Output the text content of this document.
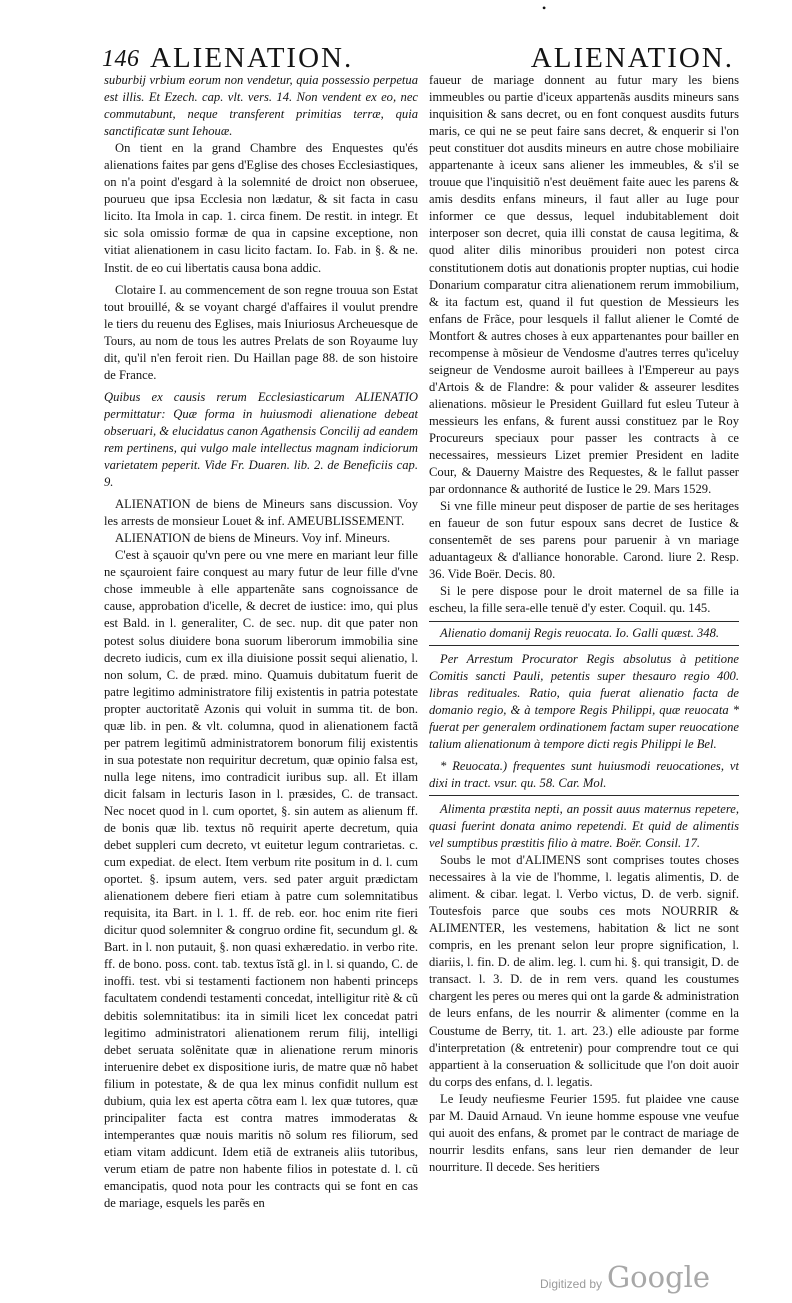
•
146 ALIENATION.	ALIENATION.

suburbij vrbium eorum non vendetur, quia possessio perpetua est illis. Et Ezech. cap. vlt. vers. 14. Non vendent ex eo, nec commutabunt, neque transferent primitias terræ, quia sanctificatæ sunt Iehouæ.

On tient en la grand Chambre des Enquestes qu'és alienations faites par gens d'Eglise des choses Ecclesiastiques, on n'a point d'esgard à la solemnité de droict non obseruee, pourueu que ipsa Ecclesia non lædatur, & sit facta in casu licito. Ita Imola in cap. 1. circa finem. De restit. in integr. Et sic sola omissio formæ de qua in capsine exceptione, non vitiat alienationem in casu licito factam. Io. Fab. in §. & ne. Instit. de eo cui libertatis causa bona addic.

Clotaire I. au commencement de son regne trouua son Estat tout brouillé, & se voyant chargé d'affaires il voulut prendre le tiers du reuenu des Eglises, mais Iniuriosus Archeuesque de Tours, au nom de tous les autres Prelats de son Royaume luy dit, qu'il n'en feroit rien. Du Haillan page 88. de son histoire de France.

Quibus ex causis rerum Ecclesiasticarum ALIENATIO permittatur: Quæ forma in huiusmodi alienatione debeat obseruari, & elucidatus canon Agathensis Concilij ad eandem rem pertinens, qui vulgo male intellectus magnam indiciorum varietatem peperit. Vide Fr. Duaren. lib. 2. de Beneficiis cap. 9.

ALIENATION de biens de Mineurs sans discussion. Voy les arrests de monsieur Louet & inf. AMEUBLISSEMENT.

ALIENATION de biens de Mineurs. Voy inf. Mineurs.

C'est à sçauoir qu'vn pere ou vne mere en mariant leur fille ne sçauroient faire conquest au mary futur de leur fille d'vne chose immeuble à elle appartenãte sans cognoissance de cause, approbation d'icelle, & decret de iustice: imo, qui plus est Bald. in l. generaliter, C. de sec. nup. dit que pater non potest solus diuidere bona suorum liberorum immobilia sine decreto iudicis, cum ex illa diuisione possit sequi alienatio, l. non solum, C. de præd. mino. Quamuis dubitatum fuerit de patre legitimo administratore filij existentis in patria potestate propter auctoritatẽ Azonis qui voluit in summa tit. de bon. quæ lib. in pen. & vlt. columna, quod in alienationem factã per patrem legitimũ administratorem bonorum filij existentis in sua potestate non requiritur decretum, quæ opinio falsa est, nulla lege nitens, imo contradicit iuribus sup. all. Et illam dicit falsam in lecturis Iason in l. præsides, C. de transact. Nec nocet quod in l. cum oportet, §. sin autem as alienum ff. de bonis quæ lib. textus nõ requirit aperte decretum, quia debet suppleri cum decreto, vt euitetur legum contrarietas. c. cum expediat. de elect. Item verbum rite positum in d. l. cum oportet. §. ipsum autem, vers. sed pater arguit prædictam alienationem debere fieri etiam à patre cum solemnitatibus requisita, ita Bart. in l. 1. ff. de reb. eor. hoc enim rite fieri dicitur quod solemniter & congruo ordine fit, secundum gl. & Bart. in l. non putauit, §. non quasi exhæredatio. in verbo rite. ff. de bono. poss. cont. tab. textus ĩstã gl. in l. si quando, C. de inoffi. test. vbi si testamenti factionem non habenti princeps facultatem condendi testamenti concedat, intelligitur ritè & cũ debitis solemnitatibus: ita in simili licet lex concedat patri legitimo administratori alienationem rerum filij, intelligi debet seruata solẽnitate quæ in alienatione rerum minoris interuenire debet ex dispositione iuris, de matre quæ nõ habet filium in potestate, & de qua lex minus confidit nullum est dubium, quia lex est aperta cõtra eam l. lex quæ tutores, quæ principaliter facta est contra matres immoderatas & intemperantes quæ nouis maritis nõ solum res filiorum, sed etiam vitam addicunt. Idem etiã de extraneis aliis tutoribus, verum etiam de patre non habente filios in potestate d. l. cũ emancipatis, quod nota pour les contracts qui se font en cas de mariage, esquels les parẽs en

faueur de mariage donnent au futur mary les biens immeubles ou partie d'iceux appartenãs ausdits mineurs sans inquisition & sans decret, ou en font conquest ausdits futurs maris, ce qui ne se peut faire sans decret, & enquerir si l'on peut constituer dot ausdits mineurs en autre chose mobiliaire appartenante à iceux sans aliener les immeubles, & s'il se trouue que l'inquisitiõ n'est deuëment faite auec les parens & amis desdits enfans mineurs, il faut aller au Iuge pour informer ce que dessus, lequel indubitablement doit interposer son decret, quia illi constat de causa legitima, & quod aliter dilis minoribus prouideri non potest circa constitutionem dotis aut donationis propter nuptias, cui hodie Donarium comparatur citra alienationem rerum immobilium, & ita factum est, quand il fut question de Messieurs les enfans de Frãce, pour lesquels il fallut aliener le Comté de Montfort & autres choses à eux appartenantes pour bailler en recompense à mõsieur de Vendosme d'autres terres qu'iceluy seigneur de Vendosme auroit baillees à l'Empereur au pays d'Artois & de Flandre: & pour valider & asseurer lesdites alienations. mõsieur le President Guillard fut esleu Tuteur à messieurs les enfans, & furent aussi constituez par le Roy Procureurs speciaux pour passer les contracts à ce necessaires, messieurs Lizet premier President en ladite Cour, & Dauerny Maistre des Requestes, & le fallut passer par ordonnance & authorité de Iustice le 29. Mars 1529.

Si vne fille mineur peut disposer de partie de ses heritages en faueur de son futur espoux sans decret de Iustice & consentemẽt de ses parens pour paruenir à vn mariage aduantageux & d'alliance honorable. Carond. liure 2. Resp. 36. Vide Boër. Decis. 80.

Si le pere dispose pour le droit maternel de sa fille ia escheu, la fille sera-elle tenuë d'y ester. Coquil. qu. 145.

Alienatio domanij Regis reuocata. Io. Galli quæst. 348.

Per Arrestum Procurator Regis absolutus à petitione Comitis sancti Pauli, petentis super thesauro regio 400. libras redituales. Ratio, quia fuerat alienatio facta de domanio regio, & à tempore Regis Philippi, quæ reuocata * fuerat per generalem ordinationem factam super reuocatione talium alienationum à tempore dicti regis Philippi le Bel.

* Reuocata.) frequentes sunt huiusmodi reuocationes, vt dixi in tract. vsur. qu. 58. Car. Mol.

Alimenta præstita nepti, an possit auus maternus repetere, quasi fuerint donata animo repetendi. Et quid de alimentis vel sumptibus præstitis filio à matre. Boër. Consil. 17.

Soubs le mot d'ALIMENS sont comprises toutes choses necessaires à la vie de l'homme, l. legatis alimentis, D. de aliment. & cibar. legat. l. Verbo victus, D. de verb. signif. Toutesfois parce que soubs ces mots NOURRIR & ALIMENTER, les vestemens, habitation & lict ne sont compris, en les prenant selon leur propre signification, l. diariis, l. fin. D. de alim. leg. l. cum hi. §. qui transigit, D. de transact. l. 3. D. de in rem vers. quand les coustumes chargent les peres ou meres qui ont la garde & administration de leurs enfans, de les nourrir & alimenter (comme en la Coustume de Berry, tit. 1. art. 23.) elle adiouste par forme d'interpretation (& entretenir) pour comprendre tout ce qui appartient à la conseruation & sollicitude que l'on doit auoir du corps des enfans, d. l. legatis.

Le Ieudy neufiesme Feurier 1595. fut plaidee vne cause par M. Dauid Arnaud. Vn ieune homme espouse vne veufue qui auoit des enfans, & promet par le contract de mariage de nourrir lesdits enfans, sans leur rien demander de leur nourriture. Il decede. Ses heritiers

Digitized by Google
